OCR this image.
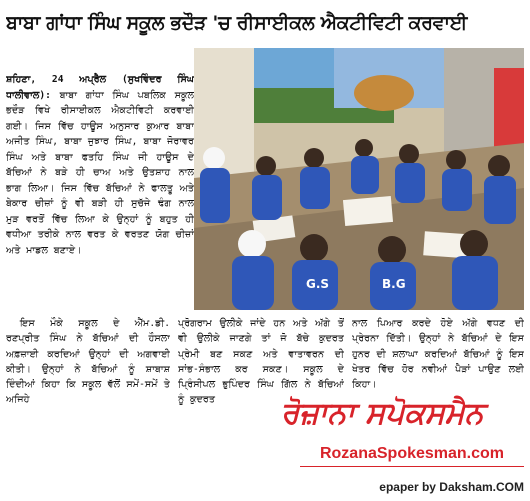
ਬਾਬਾ ਗਾਂਧਾ ਸਿੰਘ ਸਕੂਲ ਭਦੌੜ 'ਚ ਰੀਸਾਈਕਲ ਐਕਟੀਵਿਟੀ ਕਰਵਾਈ

ਸ਼ਹਿਣਾ, 24 ਅਪ੍ਰੈਲ (ਸੁਖਵਿੰਦਰ ਸਿੰਘ ਧਾਲੀਵਾਲ): ਬਾਬਾ ਗਾਂਧਾ ਸਿੰਘ ਪਬਲਿਕ ਸਕੂਲ ਭਦੌੜ ਵਿਖੇ ਰੀਸਾਈਕਲ ਐਕਟੀਵਿਟੀ ਕਰਵਾਈ ਗਈ। ਜਿਸ ਵਿੱਚ ਹਾਊਸ ਅਨੁਸਾਰ ਕੁਆਰ ਬਾਬਾ ਅਜੀਤ ਸਿੰਘ, ਬਾਬਾ ਜੁਝਾਰ ਸਿੰਘ, ਬਾਬਾ ਜੋਰਾਵਰ ਸਿੰਘ ਅਤੇ ਬਾਬਾ ਫਤਹਿ ਸਿੰਘ ਜੀ ਹਾਊਸ ਦੇ ਬੱਚਿਆਂ ਨੇ ਬੜੇ ਹੀ ਚਾਅ ਅਤੇ ਉਤਸ਼ਾਹ ਨਾਲ ਭਾਗ ਲਿਆ। ਜਿਸ ਵਿੱਚ ਬੱਚਿਆਂ ਨੇ ਫਾਲਤੂ ਅਤੇ ਬੇਕਾਰ ਚੀਜ਼ਾਂ ਨੂੰ ਵੀ ਬੜੀ ਹੀ ਸੁਚੱਜੇ ਢੰਗ ਨਾਲ ਮੁੜ ਵਰਤੋਂ ਵਿੱਚ ਲਿਆ ਕੇ ਉਨ੍ਹਾਂ ਨੂੰ ਬਹੁਤ ਹੀ ਵਧੀਆ ਤਰੀਕੇ ਨਾਲ ਵਰਤ ਕੇ ਵਰਤਣ ਯੋਗ ਚੀਜ਼ਾਂ ਅਤੇ ਮਾਡਲ ਬਣਾਏ।

G.S	B.G
ਇਸ ਮੌਕੇ ਸਕੂਲ ਦੇ ਐੱਮ.ਡੀ. ਰਣਪ੍ਰੀਤ ਸਿੰਘ ਨੇ ਬੱਚਿਆਂ ਦੀ ਹੌਸਲਾ ਅਫ਼ਜ਼ਾਈ ਕਰਦਿਆਂ ਉਨ੍ਹਾਂ ਦੀ ਅਗਵਾਈ ਕੀਤੀ। ਉਨ੍ਹਾਂ ਨੇ ਬੱਚਿਆਂ ਨੂੰ ਸ਼ਾਬਾਸ਼ ਦਿੰਦੀਆਂ ਕਿਹਾ ਕਿ ਸਕੂਲ ਵੱਲੋਂ ਸਮੇਂ-ਸਮੇਂ ਤੇ ਅਜਿਹੇ
ਪ੍ਰੋਗਰਾਮ ਉਲੀਕੇ ਜਾਂਦੇ ਹਨ ਅਤੇ ਅੱਗੇ ਤੋਂ ਵੀ ਉਲੀਕੇ ਜਾਣਗੇ ਤਾਂ ਜੋ ਬੱਚੇ ਕੁਦਰਤ ਪ੍ਰੇਮੀ ਬਣ ਸਕਣ ਅਤੇ ਵਾਤਾਵਰਨ ਦੀ ਸਾਂਭ-ਸੰਭਾਲ ਕਰ ਸਕਣ। ਸਕੂਲ ਦੇ ਪ੍ਰਿੰਸੀਪਲ ਭੁਪਿੰਦਰ ਸਿੰਘ ਗਿੱਲ ਨੇ ਬੱਚਿਆਂ ਨੂੰ ਕੁਦਰਤ
ਨਾਲ ਪਿਆਰ ਕਰਦੇ ਹੋਏ ਅੱਗੇ ਵਧਣ ਦੀ ਪ੍ਰੇਰਨਾ ਦਿੱਤੀ। ਉਨ੍ਹਾਂ ਨੇ ਬੱਚਿਆਂ ਦੇ ਇਸ ਹੁਨਰ ਦੀ ਸ਼ਲਾਘਾ ਕਰਦਿਆਂ ਬੱਚਿਆਂ ਨੂੰ ਇਸ ਖੇਤਰ ਵਿੱਚ ਹੋਰ ਨਵੀਆਂ ਪੈੜਾਂ ਪਾਉਣ ਲਈ ਕਿਹਾ।
ਰੋਜ਼ਾਨਾ ਸਪੋਕਸਮੈਨ
RozanaSpokesman.com
epaper by Daksham.COM
